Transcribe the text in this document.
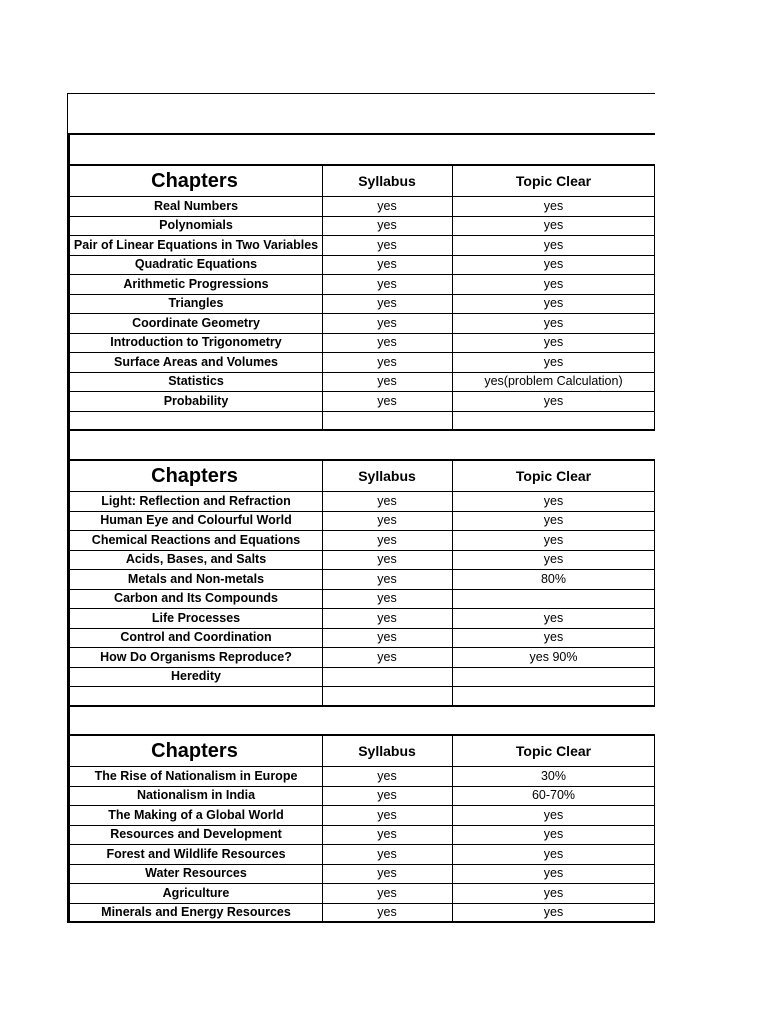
Chapters	Syllabus	Topic Clear
Real Numbers	yes	yes
Polynomials	yes	yes
Pair of Linear Equations in Two Variables	yes	yes
Quadratic Equations	yes	yes
Arithmetic Progressions	yes	yes
Triangles	yes	yes
Coordinate Geometry	yes	yes
Introduction to Trigonometry	yes	yes
Surface Areas and Volumes	yes	yes
Statistics	yes	yes(problem Calculation)
Probability	yes	yes
Chapters	Syllabus	Topic Clear
Light: Reflection and Refraction	yes	yes
Human Eye and Colourful World	yes	yes
Chemical Reactions and Equations	yes	yes
Acids, Bases, and Salts	yes	yes
Metals and Non-metals	yes	80%
Carbon and Its Compounds	yes
Life Processes	yes	yes
Control and Coordination	yes	yes
How Do Organisms Reproduce?	yes	yes 90%
Heredity
Chapters	Syllabus	Topic Clear
The Rise of Nationalism in Europe	yes	30%
Nationalism in India	yes	60-70%
The Making of a Global World	yes	yes
Resources and Development	yes	yes
Forest and Wildlife Resources	yes	yes
Water Resources	yes	yes
Agriculture	yes	yes
Minerals and Energy Resources	yes	yes
